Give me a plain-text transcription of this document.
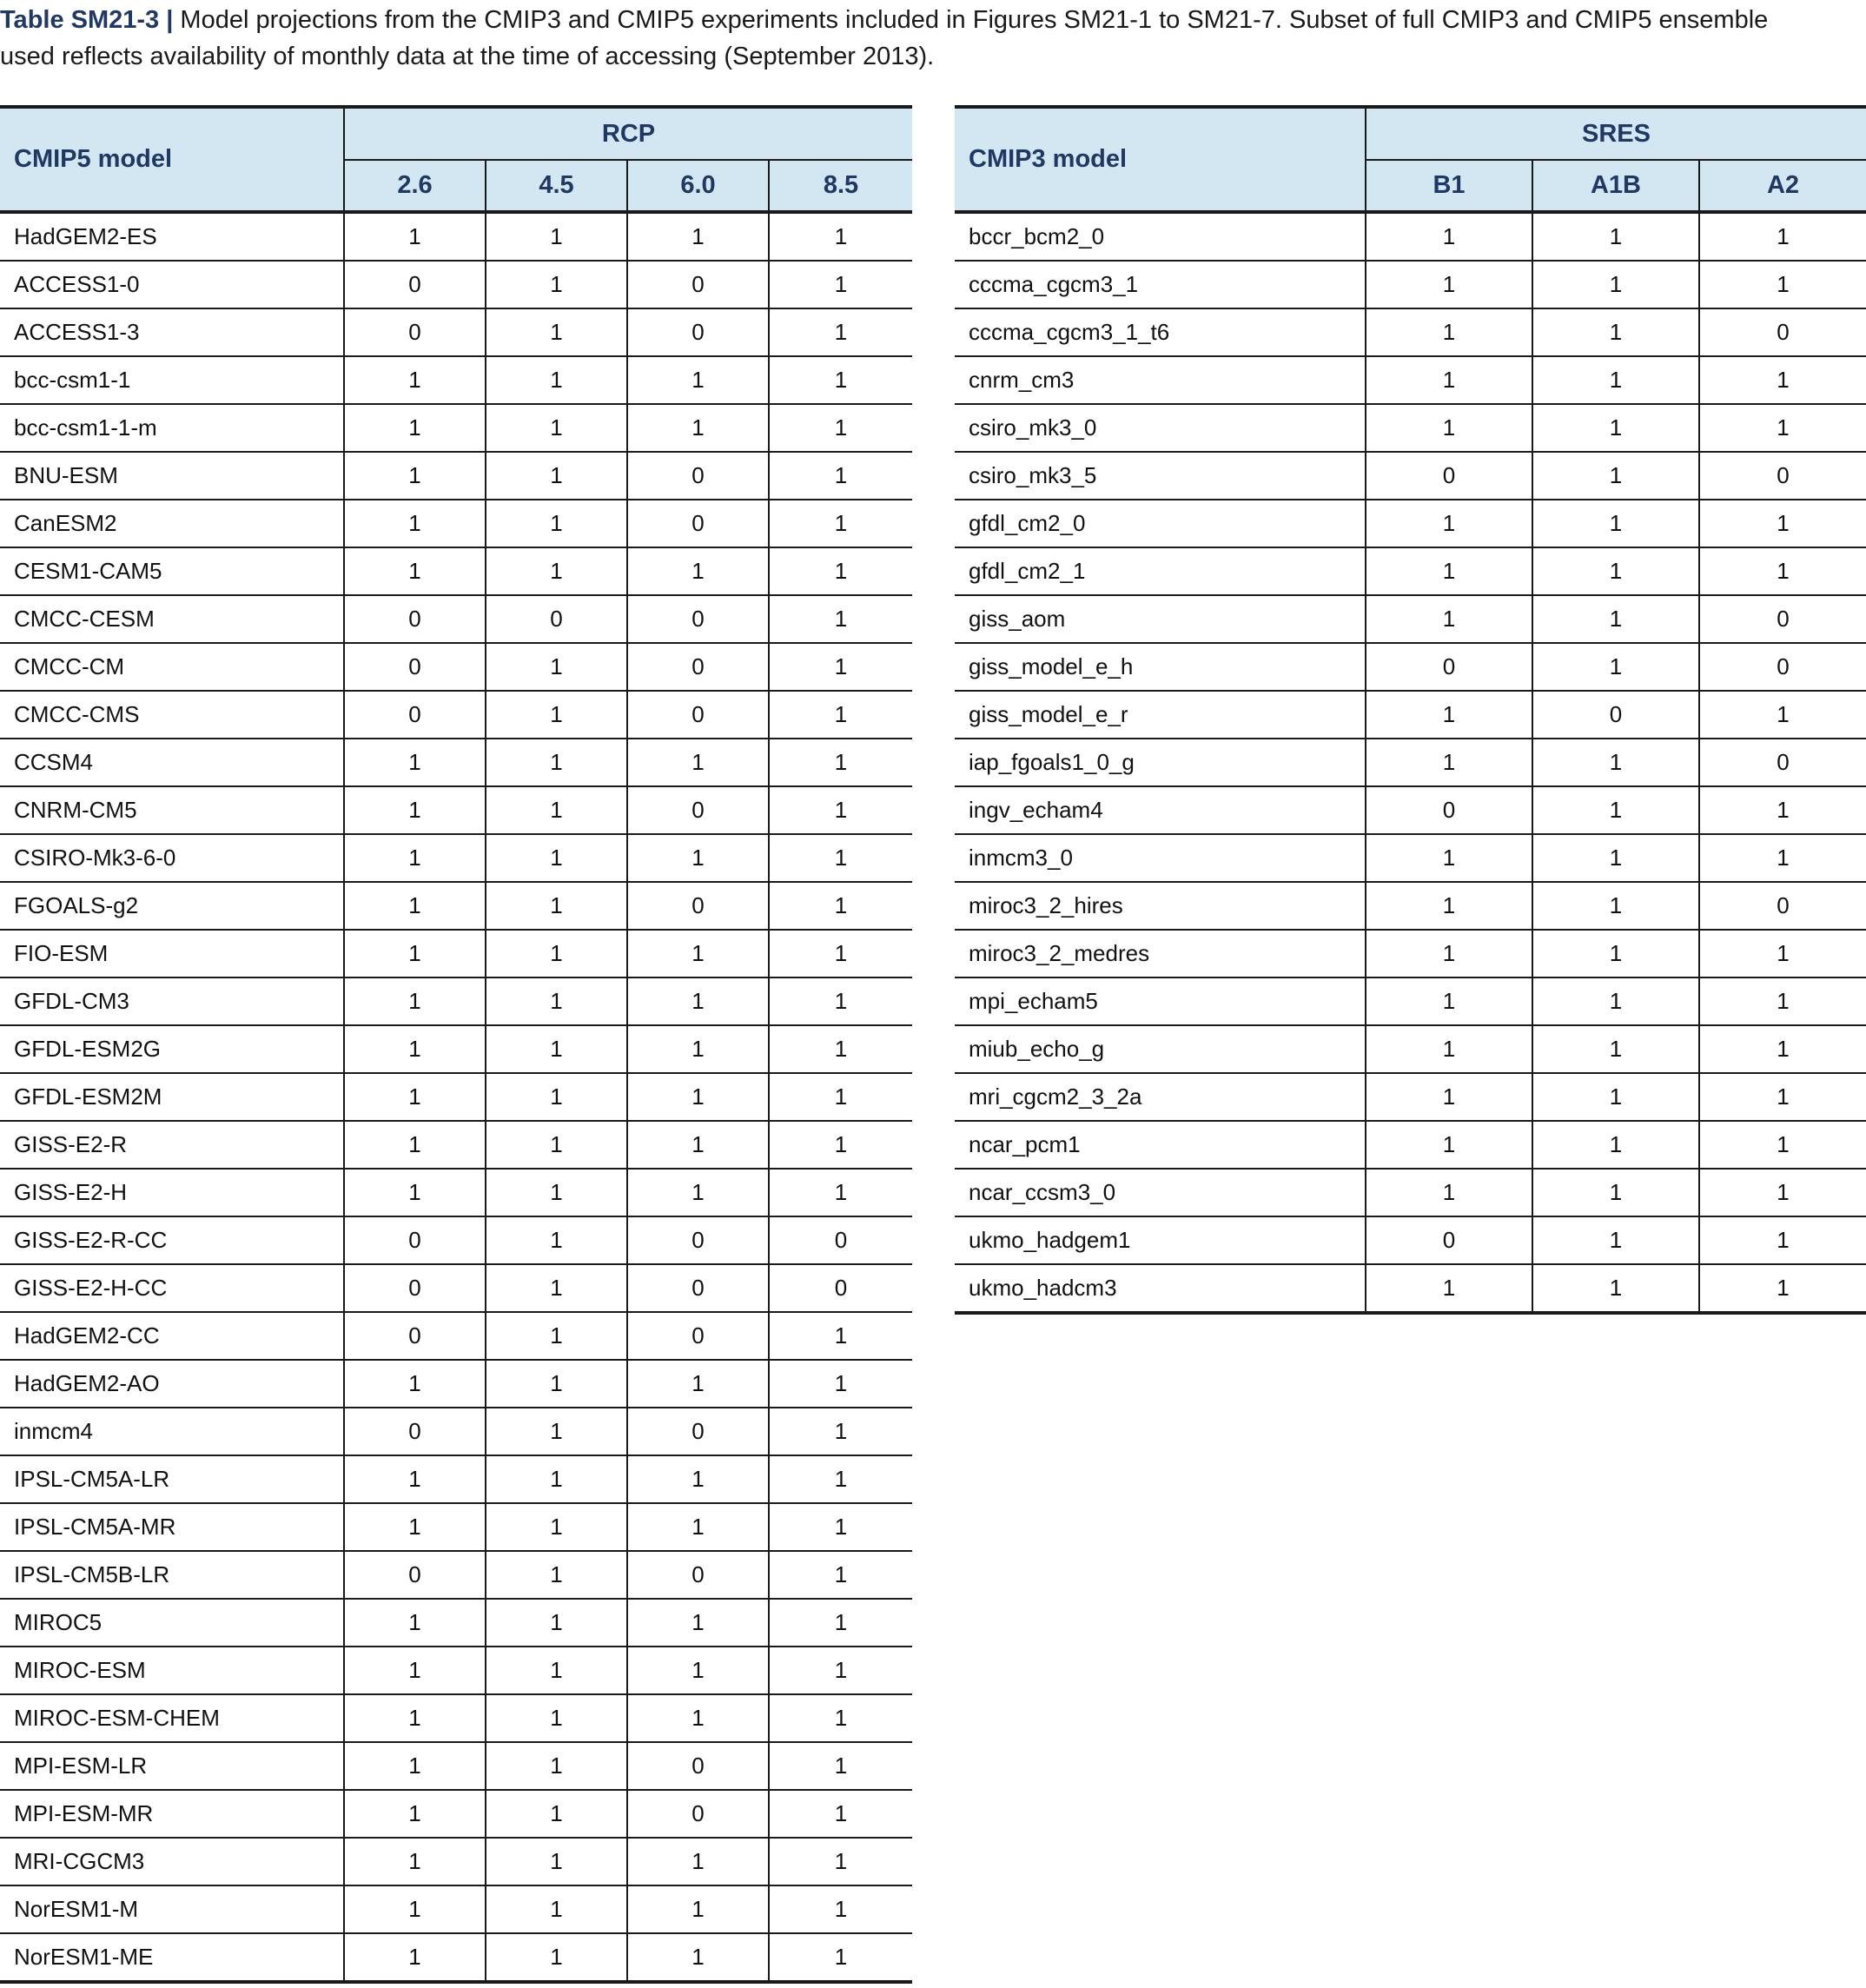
Table SM21-3 | Model projections from the CMIP3 and CMIP5 experiments included in Figures SM21-1 to SM21-7. Subset of full CMIP3 and CMIP5 ensemble used reflects availability of monthly data at the time of accessing (September 2013).
CMIP5 model	RCP			
	2.6	4.5	6.0	8.5
HadGEM2-ES	1	1	1	1
ACCESS1-0	0	1	0	1
ACCESS1-3	0	1	0	1
bcc-csm1-1	1	1	1	1
bcc-csm1-1-m	1	1	1	1
BNU-ESM	1	1	0	1
CanESM2	1	1	0	1
CESM1-CAM5	1	1	1	1
CMCC-CESM	0	0	0	1
CMCC-CM	0	1	0	1
CMCC-CMS	0	1	0	1
CCSM4	1	1	1	1
CNRM-CM5	1	1	0	1
CSIRO-Mk3-6-0	1	1	1	1
FGOALS-g2	1	1	0	1
FIO-ESM	1	1	1	1
GFDL-CM3	1	1	1	1
GFDL-ESM2G	1	1	1	1
GFDL-ESM2M	1	1	1	1
GISS-E2-R	1	1	1	1
GISS-E2-H	1	1	1	1
GISS-E2-R-CC	0	1	0	0
GISS-E2-H-CC	0	1	0	0
HadGEM2-CC	0	1	0	1
HadGEM2-AO	1	1	1	1
inmcm4	0	1	0	1
IPSL-CM5A-LR	1	1	1	1
IPSL-CM5A-MR	1	1	1	1
IPSL-CM5B-LR	0	1	0	1
MIROC5	1	1	1	1
MIROC-ESM	1	1	1	1
MIROC-ESM-CHEM	1	1	1	1
MPI-ESM-LR	1	1	0	1
MPI-ESM-MR	1	1	0	1
MRI-CGCM3	1	1	1	1
NorESM1-M	1	1	1	1
NorESM1-ME	1	1	1	1
CMIP3 model	SRES		
	B1	A1B	A2
bccr_bcm2_0	1	1	1
cccma_cgcm3_1	1	1	1
cccma_cgcm3_1_t6	1	1	0
cnrm_cm3	1	1	1
csiro_mk3_0	1	1	1
csiro_mk3_5	0	1	0
gfdl_cm2_0	1	1	1
gfdl_cm2_1	1	1	1
giss_aom	1	1	0
giss_model_e_h	0	1	0
giss_model_e_r	1	0	1
iap_fgoals1_0_g	1	1	0
ingv_echam4	0	1	1
inmcm3_0	1	1	1
miroc3_2_hires	1	1	0
miroc3_2_medres	1	1	1
mpi_echam5	1	1	1
miub_echo_g	1	1	1
mri_cgcm2_3_2a	1	1	1
ncar_pcm1	1	1	1
ncar_ccsm3_0	1	1	1
ukmo_hadgem1	0	1	1
ukmo_hadcm3	1	1	1
